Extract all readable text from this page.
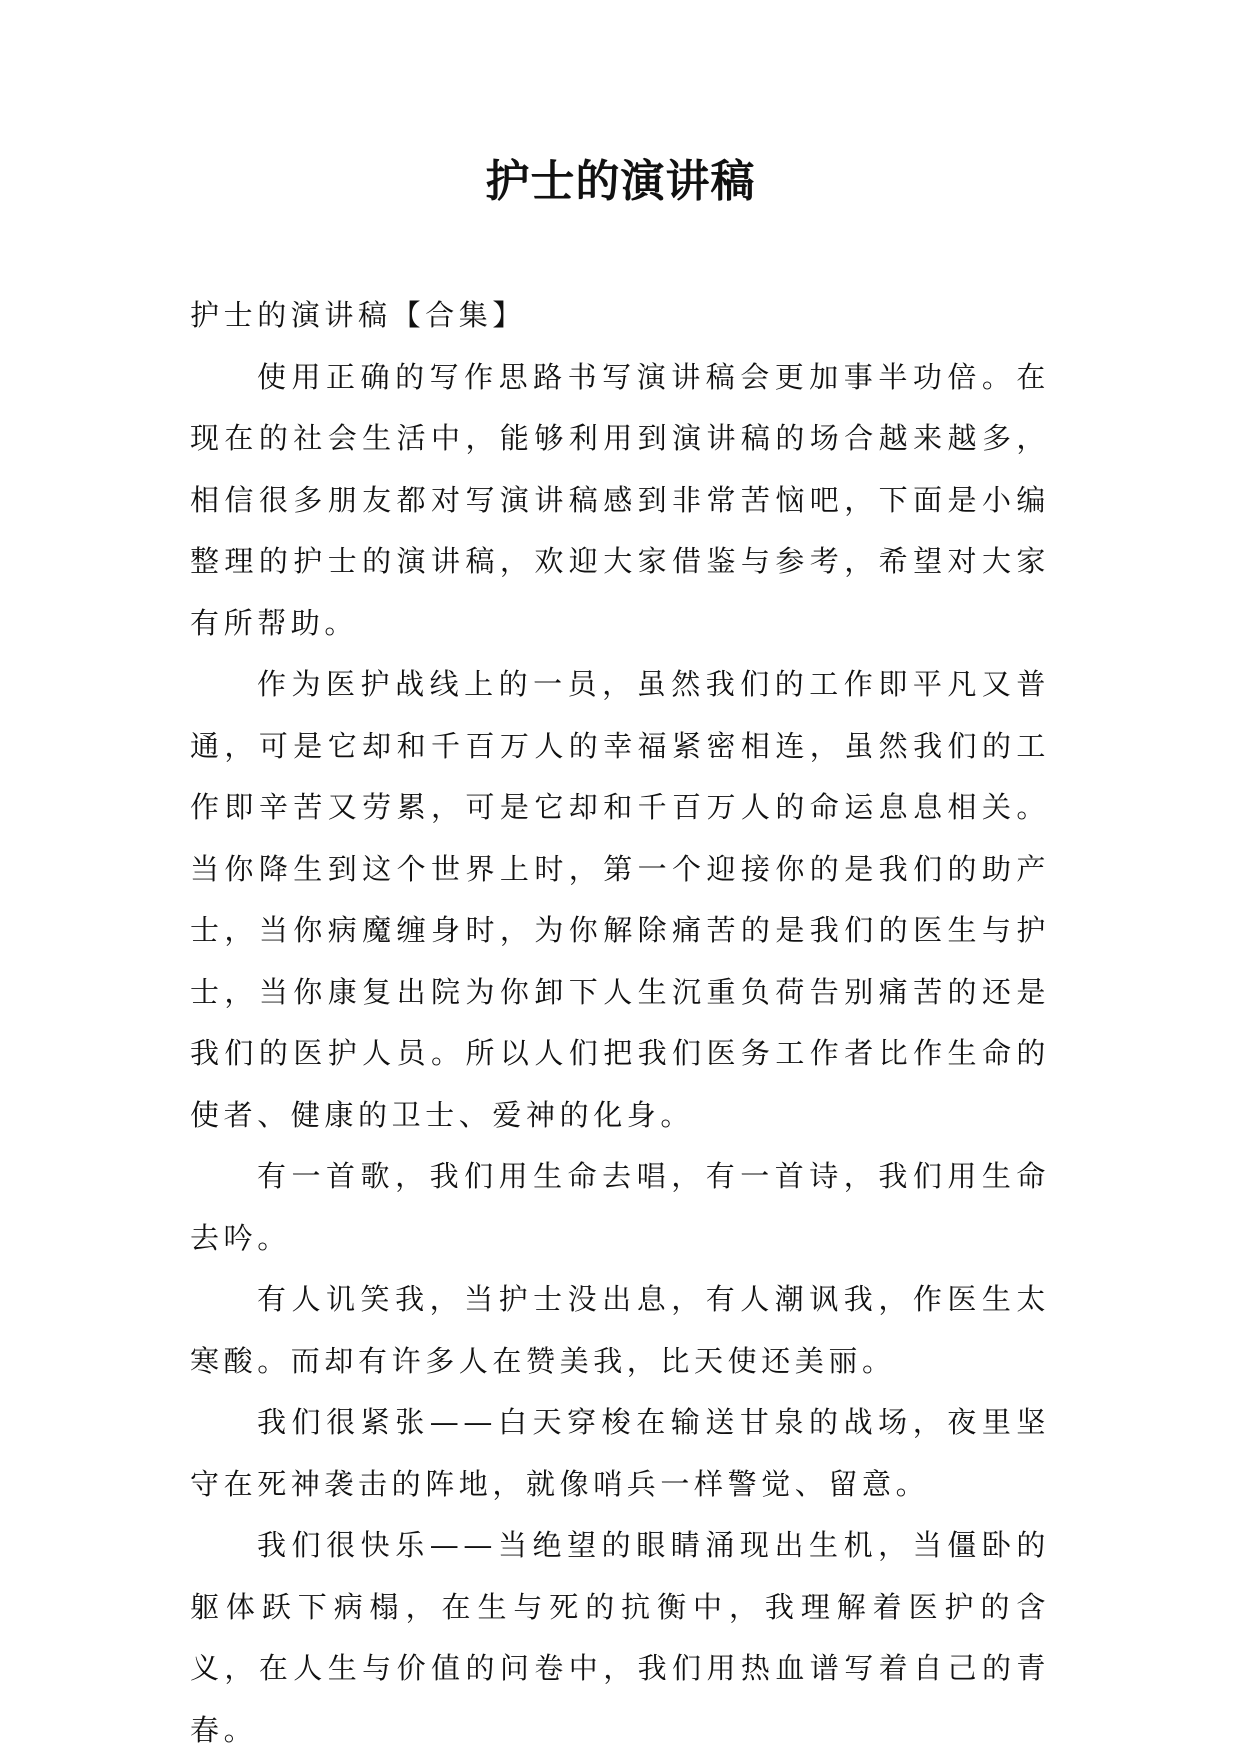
护士的演讲稿

护士的演讲稿【合集】

使用正确的写作思路书写演讲稿会更加事半功倍。在现在的社会生活中，能够利用到演讲稿的场合越来越多，相信很多朋友都对写演讲稿感到非常苦恼吧，下面是小编整理的护士的演讲稿，欢迎大家借鉴与参考，希望对大家有所帮助。

作为医护战线上的一员，虽然我们的工作即平凡又普通，可是它却和千百万人的幸福紧密相连，虽然我们的工作即辛苦又劳累，可是它却和千百万人的命运息息相关。当你降生到这个世界上时，第一个迎接你的是我们的助产士，当你病魔缠身时，为你解除痛苦的是我们的医生与护士，当你康复出院为你卸下人生沉重负荷告别痛苦的还是我们的医护人员。所以人们把我们医务工作者比作生命的使者、健康的卫士、爱神的化身。

有一首歌，我们用生命去唱，有一首诗，我们用生命去吟。

有人讥笑我，当护士没出息，有人潮讽我，作医生太寒酸。而却有许多人在赞美我，比天使还美丽。

我们很紧张——白天穿梭在输送甘泉的战场，夜里坚守在死神袭击的阵地，就像哨兵一样警觉、留意。

我们很快乐——当绝望的眼睛涌现出生机，当僵卧的躯体跃下病榻，在生与死的抗衡中，我理解着医护的含义，在人生与价值的问卷中，我们用热血谱写着自己的青春。
